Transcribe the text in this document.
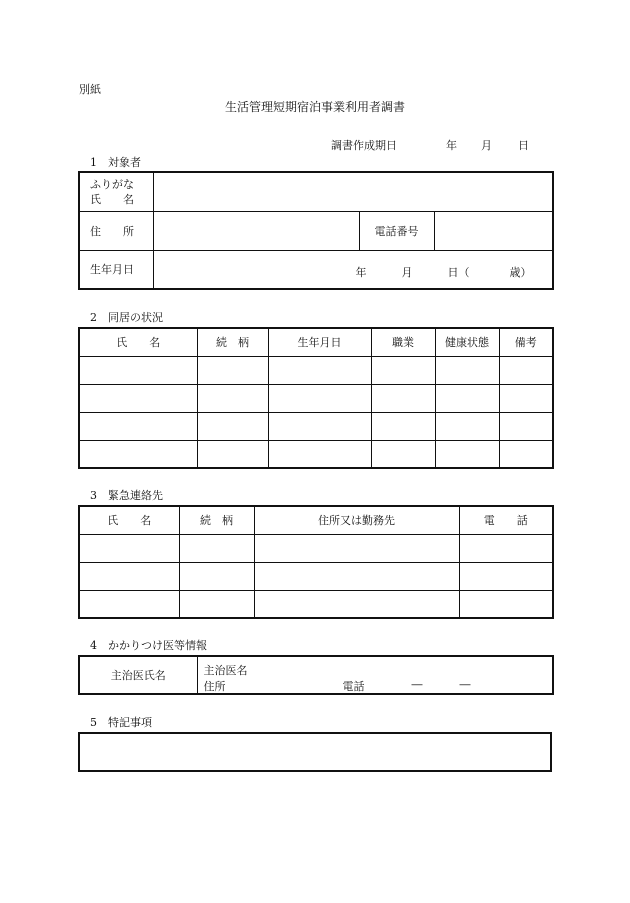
別紙
生活管理短期宿泊事業利用者調書
調書作成期日	年 月 日
1　対象者
ふりがな
氏　　名			

住　　所		電話番号	
生年月日	年 月 日（ 歳）		
2　同居の状況
氏　　名	続　柄	生年月日	職業	健康状態	備考

3　緊急連絡先
氏　　名	続　柄	住所又は勤務先	電　　話

4　かかりつけ医等情報
主治医氏名	主治医名
住所	電話	―	―
5　特記事項
